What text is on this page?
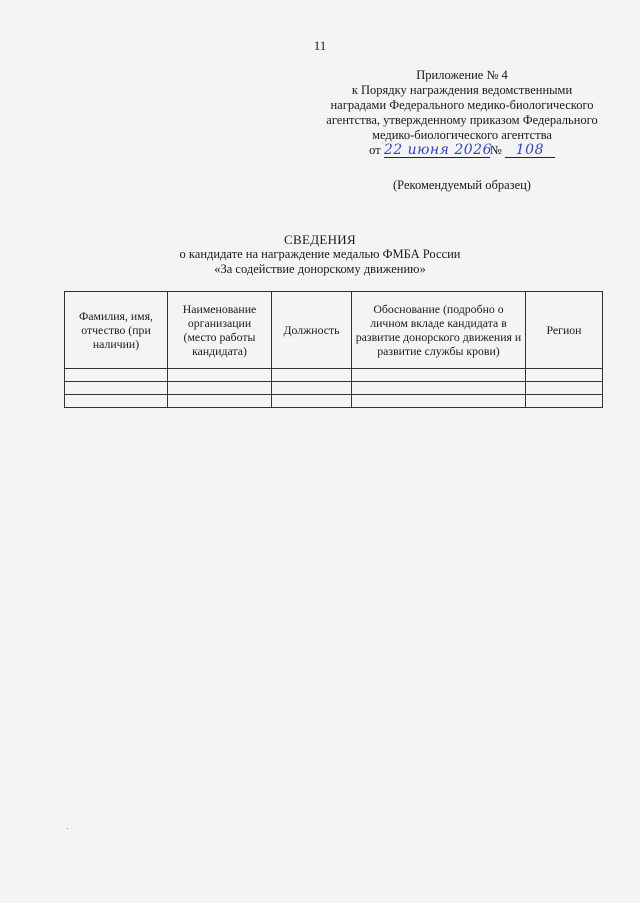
11
Приложение № 4
к Порядку награждения ведомственными
наградами Федерального медико-биологического
агентства, утвержденному приказом Федерального
медико-биологического агентства
от 22 июня 2026№ 108
(Рекомендуемый образец)
СВЕДЕНИЯ
о кандидате на награждение медалью ФМБА России
«За содействие донорскому движению»
Фамилия, имя, отчество (при наличии)	Наименование организации (место работы кандидата)	Должность	Обоснование (подробно о личном вкладе кандидата в развитие донорского движения и развитие службы крови)	Регион
